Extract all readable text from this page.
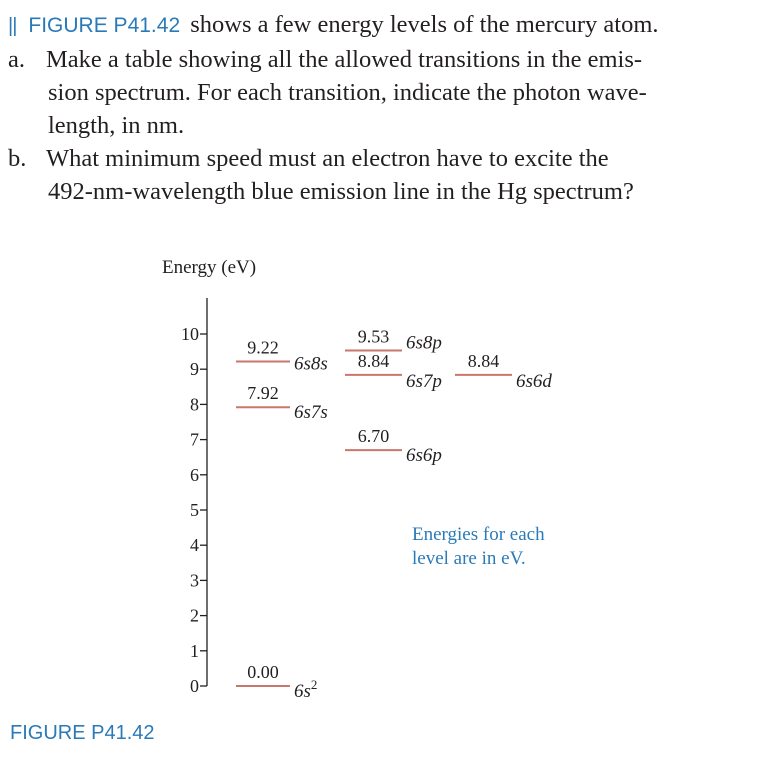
|| FIGURE P41.42 shows a few energy levels of the mercury atom.
a. Make a table showing all the allowed transitions in the emis-
sion spectrum. For each transition, indicate the photon wave-
length, in nm.
b. What minimum speed must an electron have to excite the
492-nm-wavelength blue emission line in the Hg spectrum?
Energy (eV)
0
1
2
3
4
5
6
7
8
9
10
0.00
$6s^2$
7.92
6s7s
9.22
6s8s
6.70
6s6p
8.84
6s7p
9.53 6s8p
8.84
6s6d
Energies for each
level are in eV.
FIGURE P41.42
